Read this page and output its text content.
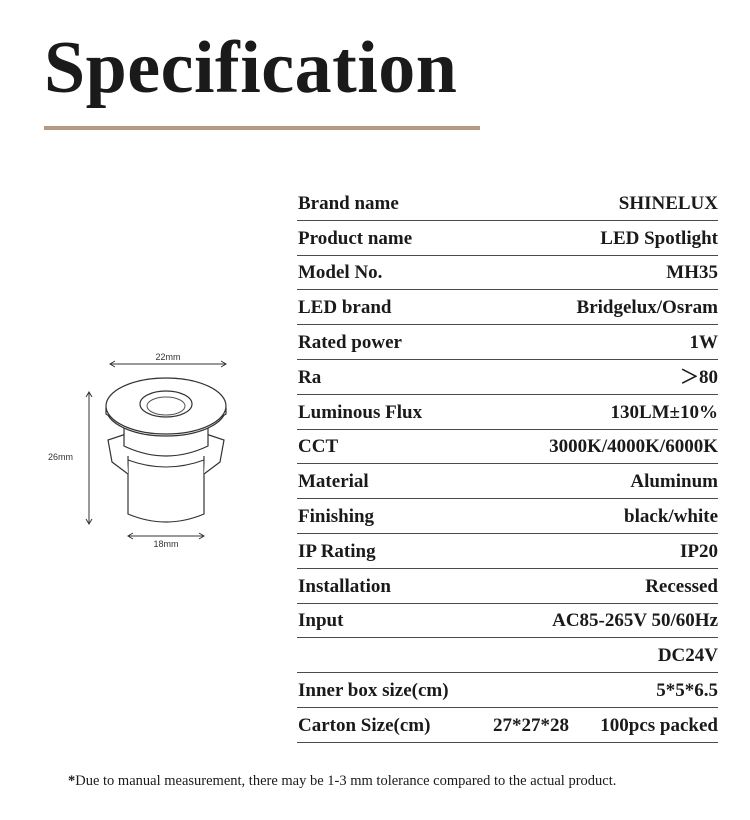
Specification
22mm
26mm
18mm
Brand name	SHINELUX
Product name	LED Spotlight
Model No.	MH35
LED brand	Bridgelux/Osram
Rated power	1W
Ra	＞80
Luminous Flux	130LM±10%
CCT	3000K/4000K/6000K
Material	Aluminum
Finishing	black/white
IP Rating	IP20
Installation	Recessed
Input	AC85-265V 50/60Hz
DC24V
Inner box size(cm)	5*5*6.5
Carton Size(cm)	27*27*28 100pcs packed
*Due to manual measurement, there may be 1-3 mm tolerance compared to the actual product.
